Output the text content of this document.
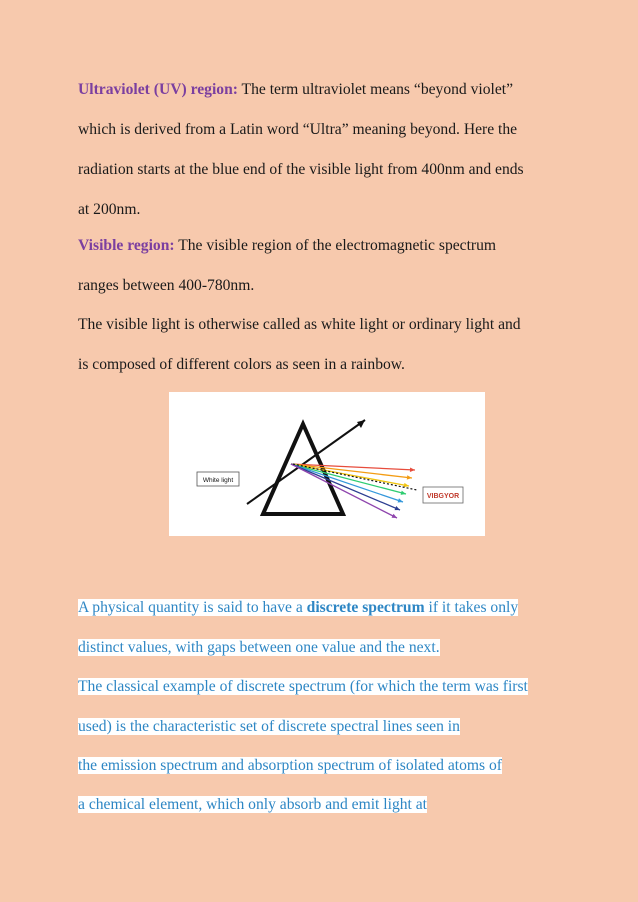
Ultraviolet (UV) region: The term ultraviolet means “beyond violet”
which is derived from a Latin word “Ultra” meaning beyond. Here the
radiation starts at the blue end of the visible light from 400nm and ends
at 200nm.
Visible region: The visible region of the electromagnetic spectrum
ranges between 400-780nm.
The visible light is otherwise called as white light or ordinary light and
is composed of different colors as seen in a rainbow.
White light
VIBGYOR
A physical quantity is said to have a discrete spectrum if it takes only
distinct values, with gaps between one value and the next.
The classical example of discrete spectrum (for which the term was first
used) is the characteristic set of discrete spectral lines seen in
the emission spectrum and absorption spectrum of isolated atoms of
a chemical element, which only absorb and emit light at
